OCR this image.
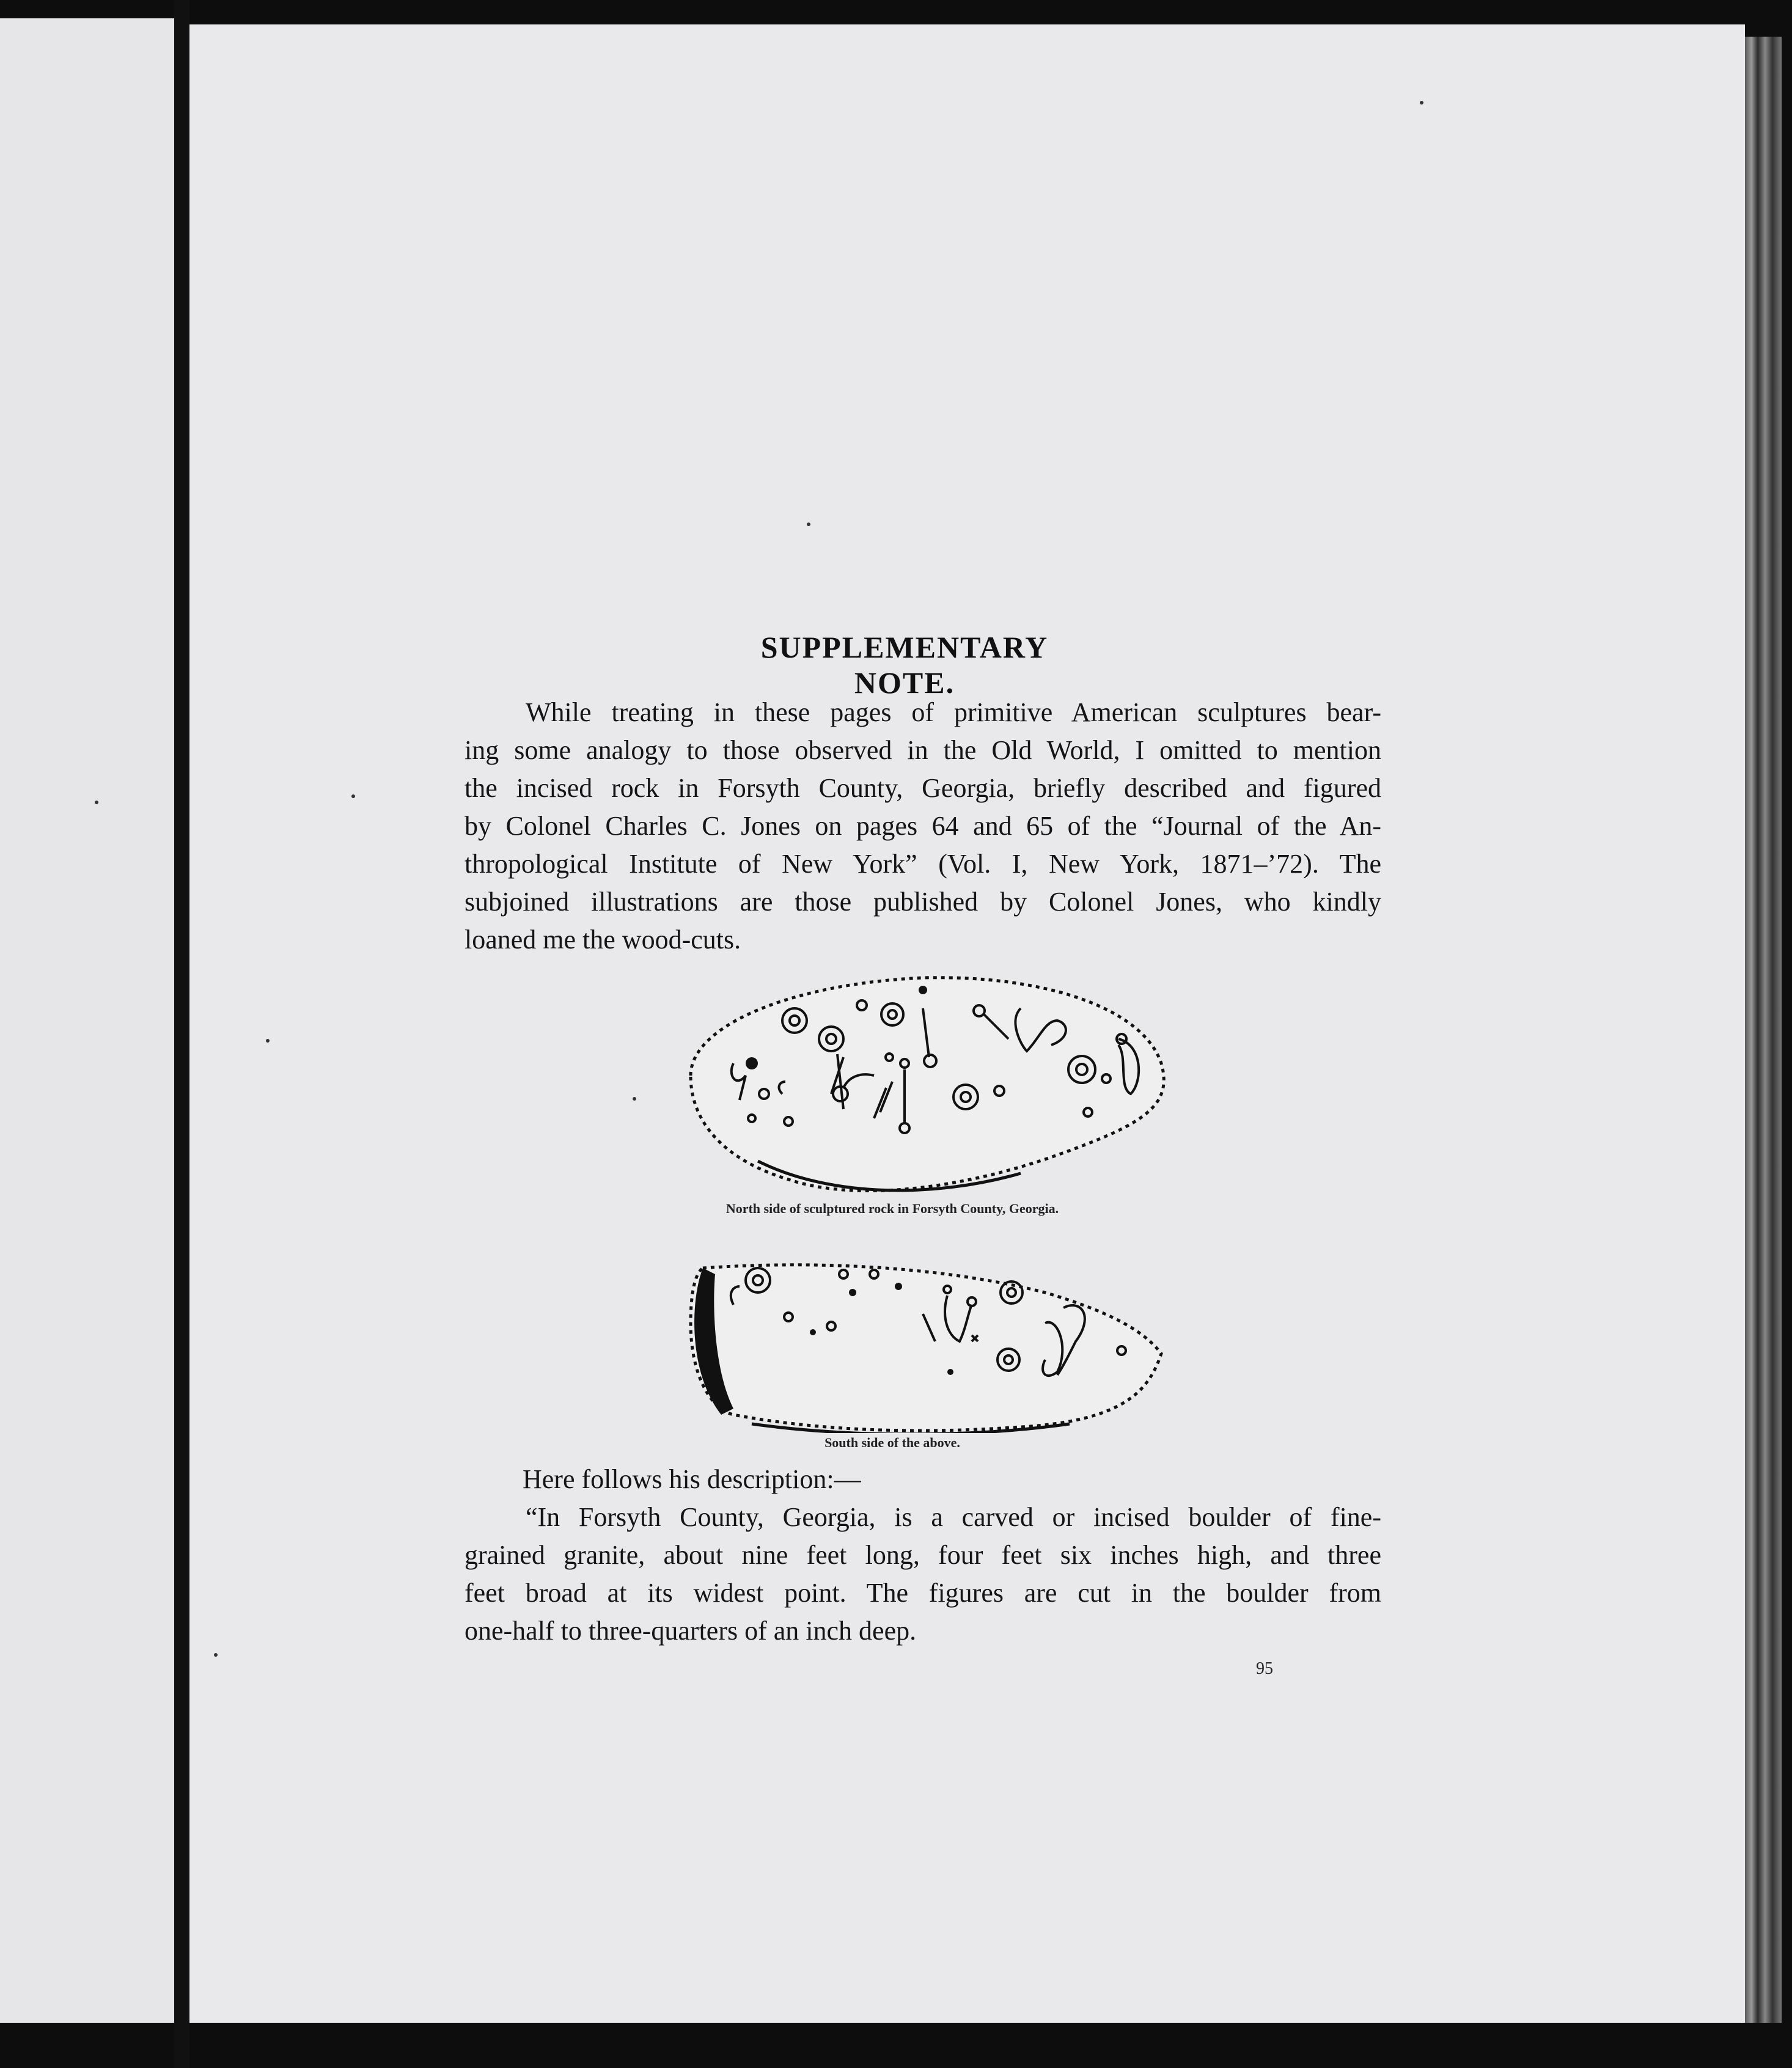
SUPPLEMENTARY NOTE.
While treating in these pages of primitive American sculptures bear-
ing some analogy to those observed in the Old World, I omitted to mention
the incised rock in Forsyth County, Georgia, briefly described and figured
by Colonel Charles C. Jones on pages 64 and 65 of the “Journal of the An-
thropological Institute of New York” (Vol. I, New York, 1871–’72). The
subjoined illustrations are those published by Colonel Jones, who kindly
loaned me the wood-cuts.

North side of sculptured rock in Forsyth County, Georgia.

South side of the above.

Here follows his description:—
“In Forsyth County, Georgia, is a carved or incised boulder of fine-
grained granite, about nine feet long, four feet six inches high, and three
feet broad at its widest point. The figures are cut in the boulder from
one-half to three-quarters of an inch deep.

95
